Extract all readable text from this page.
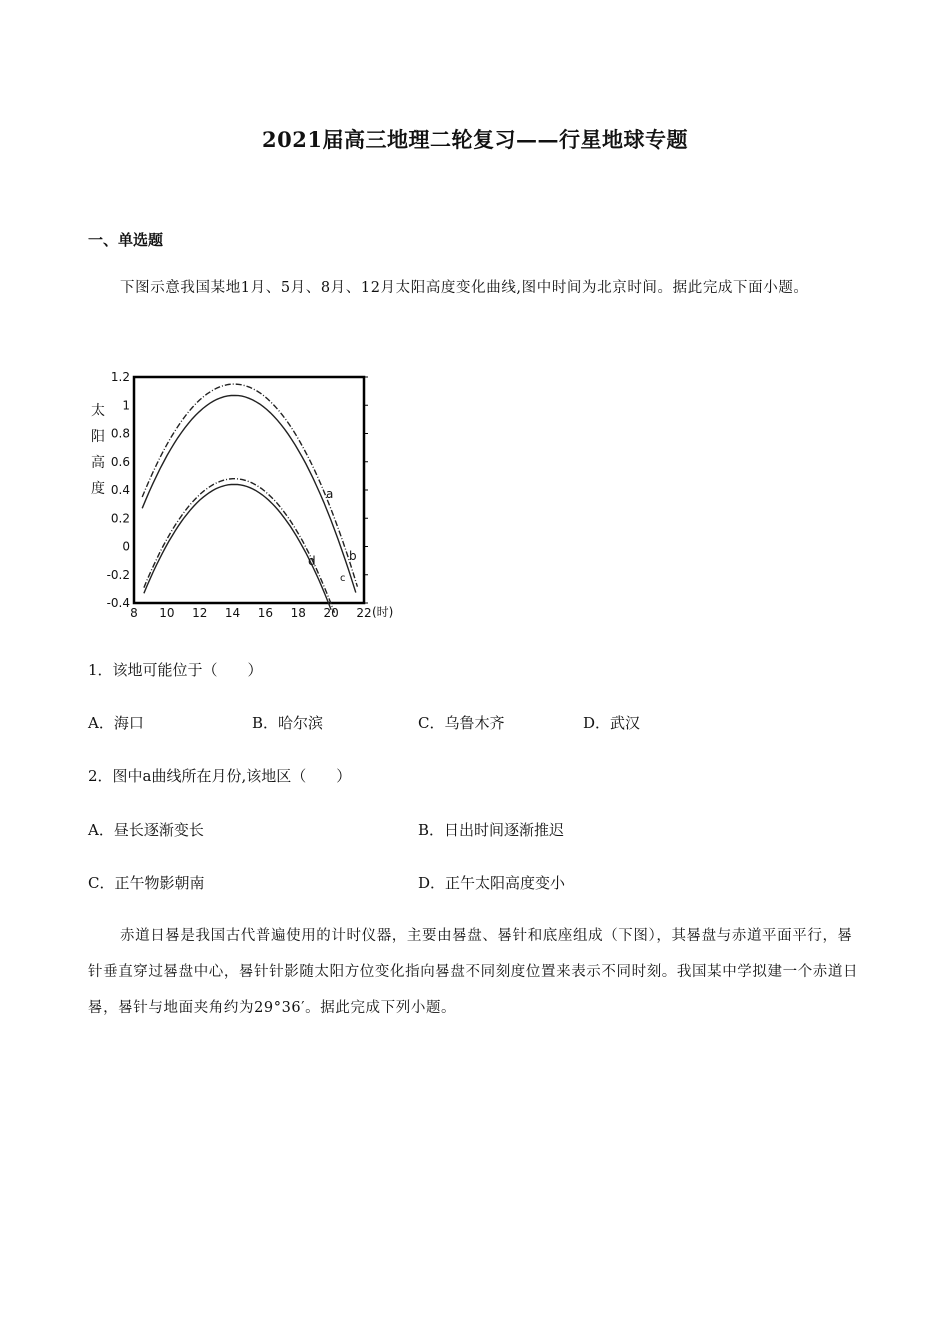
2021届高三地理二轮复习——行星地球专题
一、单选题
下图示意我国某地1月、5月、8月、12月太阳高度变化曲线,图中时间为北京时间。据此完成下面小题。
1.2
1
0.8
0.6
0.4
0.2
0
-0.2
-0.4
8 10 12 14 16 18 20 22
a
b
c
d
太
阳
高
度
(时)
1．该地可能位于（　　）
A．海口	B．哈尔滨	C．乌鲁木齐	D．武汉
2．图中a曲线所在月份,该地区（　　）
A．昼长逐渐变长	B．日出时间逐渐推迟
C．正午物影朝南	D．正午太阳高度变小
赤道日晷是我国古代普遍使用的计时仪器，主要由晷盘、晷针和底座组成（下图），其晷盘与赤道平面平行，晷针垂直穿过晷盘中心，晷针针影随太阳方位变化指向晷盘不同刻度位置来表示不同时刻。我国某中学拟建一个赤道日晷，晷针与地面夹角约为29°36′。据此完成下列小题。
